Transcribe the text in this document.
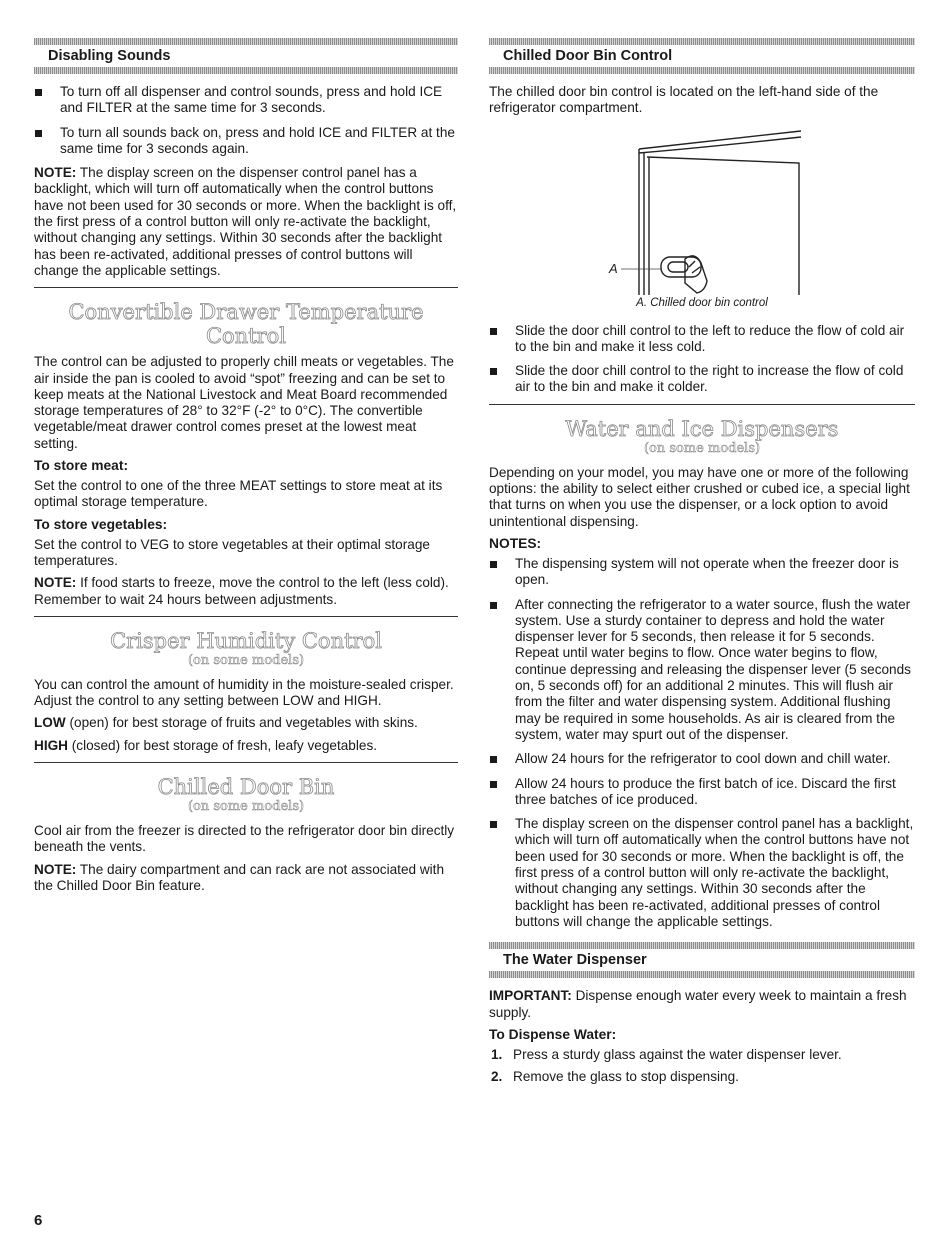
Disabling Sounds
To turn off all dispenser and control sounds, press and hold ICE and FILTER at the same time for 3 seconds.
To turn all sounds back on, press and hold ICE and FILTER at the same time for 3 seconds again.

NOTE: The display screen on the dispenser control panel has a backlight, which will turn off automatically when the control buttons have not been used for 30 seconds or more. When the backlight is off, the first press of a control button will only re-activate the backlight, without changing any settings. Within 30 seconds after the backlight has been re-activated, additional presses of control buttons will change the applicable settings.

Convertible Drawer Temperature Control

The control can be adjusted to properly chill meats or vegetables. The air inside the pan is cooled to avoid “spot” freezing and can be set to keep meats at the National Livestock and Meat Board recommended storage temperatures of 28° to 32°F (-2° to 0°C). The convertible vegetable/meat drawer control comes preset at the lowest meat setting.

To store meat:

Set the control to one of the three MEAT settings to store meat at its optimal storage temperature.

To store vegetables:

Set the control to VEG to store vegetables at their optimal storage temperatures.

NOTE: If food starts to freeze, move the control to the left (less cold). Remember to wait 24 hours between adjustments.

Crisper Humidity Control
(on some models)

You can control the amount of humidity in the moisture-sealed crisper. Adjust the control to any setting between LOW and HIGH.

LOW (open) for best storage of fruits and vegetables with skins.

HIGH (closed) for best storage of fresh, leafy vegetables.

Chilled Door Bin
(on some models)

Cool air from the freezer is directed to the refrigerator door bin directly beneath the vents.

NOTE: The dairy compartment and can rack are not associated with the Chilled Door Bin feature.

Chilled Door Bin Control

The chilled door bin control is located on the left-hand side of the refrigerator compartment.

A
A. Chilled door bin control
Slide the door chill control to the left to reduce the flow of cold air to the bin and make it less cold.
Slide the door chill control to the right to increase the flow of cold air to the bin and make it colder.
Water and Ice Dispensers
(on some models)

Depending on your model, you may have one or more of the following options: the ability to select either crushed or cubed ice, a special light that turns on when you use the dispenser, or a lock option to avoid unintentional dispensing.

NOTES:
The dispensing system will not operate when the freezer door is open.
After connecting the refrigerator to a water source, flush the water system. Use a sturdy container to depress and hold the water dispenser lever for 5 seconds, then release it for 5 seconds. Repeat until water begins to flow. Once water begins to flow, continue depressing and releasing the dispenser lever (5 seconds on, 5 seconds off) for an additional 2 minutes. This will flush air from the filter and water dispensing system. Additional flushing may be required in some households. As air is cleared from the system, water may spurt out of the dispenser.
Allow 24 hours for the refrigerator to cool down and chill water.
Allow 24 hours to produce the first batch of ice. Discard the first three batches of ice produced.
The display screen on the dispenser control panel has a backlight, which will turn off automatically when the control buttons have not been used for 30 seconds or more. When the backlight is off, the first press of a control button will only re-activate the backlight, without changing any settings. Within 30 seconds after the backlight has been re-activated, additional presses of control buttons will change the applicable settings.
The Water Dispenser

IMPORTANT: Dispense enough water every week to maintain a fresh supply.

To Dispense Water:
1. Press a sturdy glass against the water dispenser lever.
2. Remove the glass to stop dispensing.
6
